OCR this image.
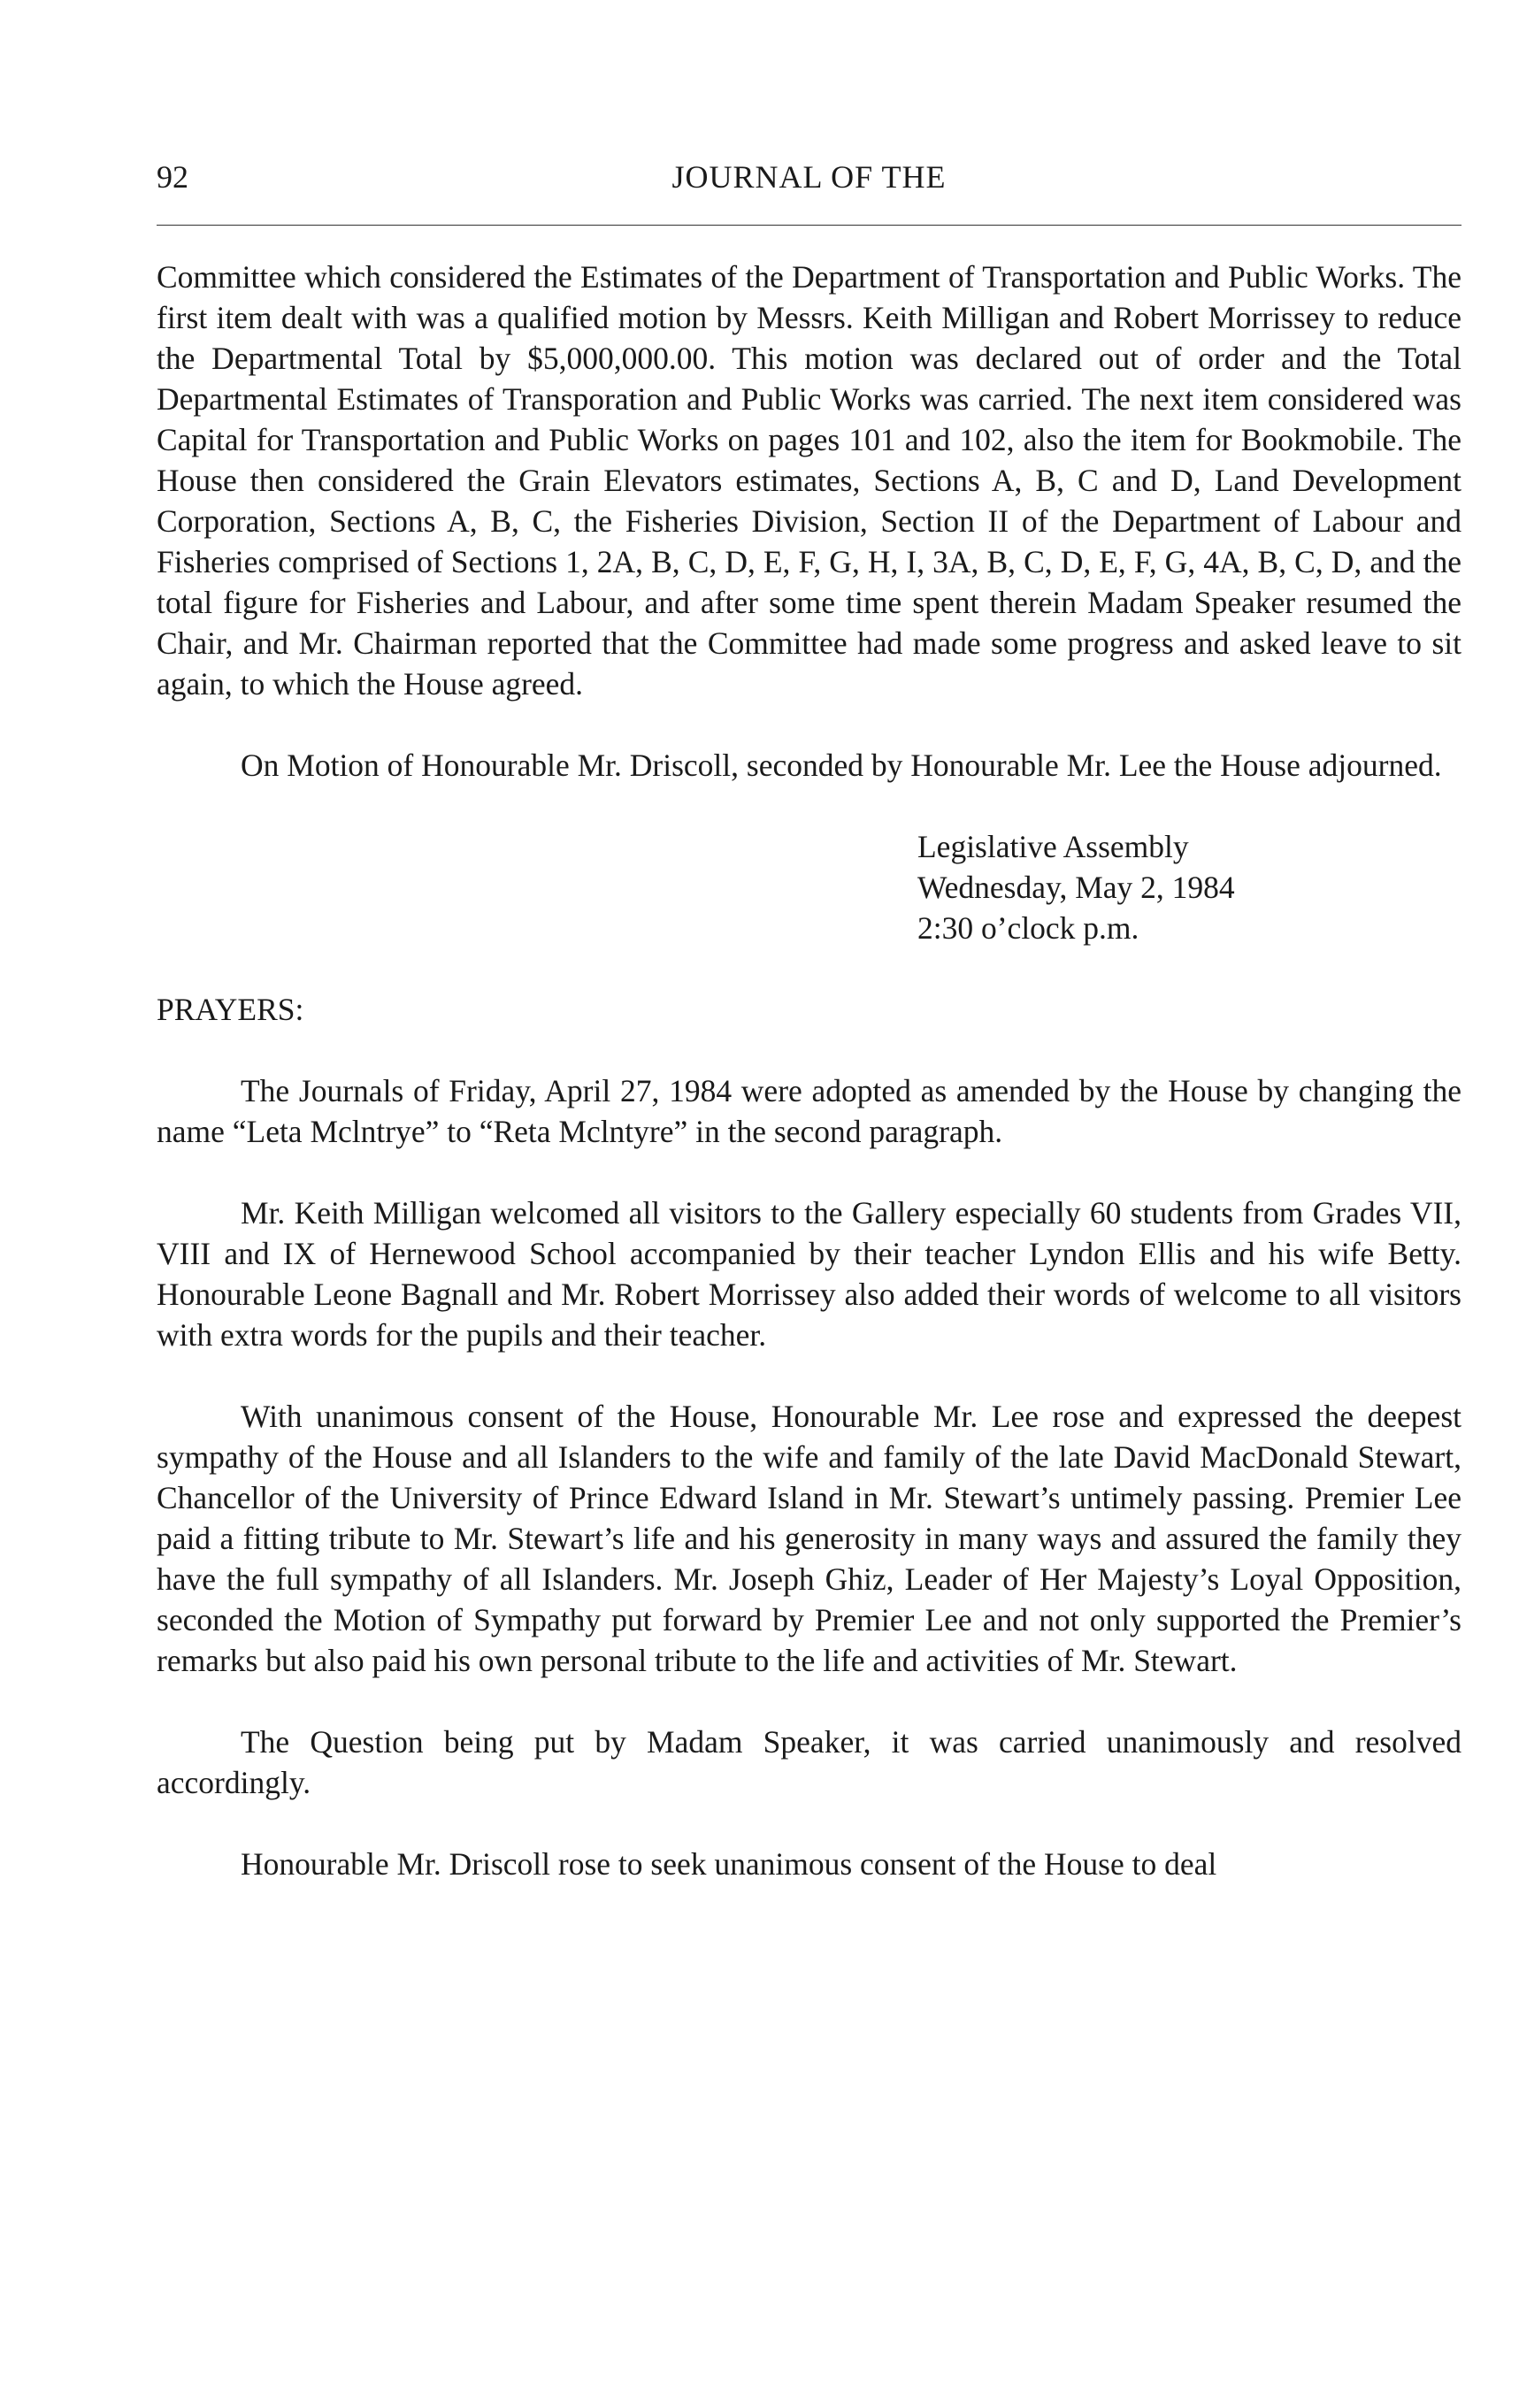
92	JOURNAL OF THE

Committee which considered the Estimates of the Department of Transportation and Public Works. The first item dealt with was a qualified motion by Messrs. Keith Milligan and Robert Morrissey to reduce the Departmental Total by $5,000,000.00. This motion was declared out of order and the Total Departmental Estimates of Transporation and Public Works was carried. The next item considered was Capital for Transportation and Public Works on pages 101 and 102, also the item for Bookmobile. The House then considered the Grain Elevators estimates, Sections A, B, C and D, Land Development Corporation, Sections A, B, C, the Fisheries Division, Section II of the Department of Labour and Fisheries comprised of Sections 1, 2A, B, C, D, E, F, G, H, I, 3A, B, C, D, E, F, G, 4A, B, C, D, and the total figure for Fisheries and Labour, and after some time spent therein Madam Speaker resumed the Chair, and Mr. Chairman reported that the Committee had made some progress and asked leave to sit again, to which the House agreed.

On Motion of Honourable Mr. Driscoll, seconded by Honourable Mr. Lee the House adjourned.

Legislative Assembly
Wednesday, May 2, 1984
2:30 o’clock p.m.

PRAYERS:

The Journals of Friday, April 27, 1984 were adopted as amended by the House by changing the name “Leta Mclntrye” to “Reta Mclntyre” in the second paragraph.

Mr. Keith Milligan welcomed all visitors to the Gallery especially 60 students from Grades VII, VIII and IX of Hernewood School accompanied by their teacher Lyndon Ellis and his wife Betty. Honourable Leone Bagnall and Mr. Robert Morrissey also added their words of welcome to all visitors with extra words for the pupils and their teacher.

With unanimous consent of the House, Honourable Mr. Lee rose and expressed the deepest sympathy of the House and all Islanders to the wife and family of the late David MacDonald Stewart, Chancellor of the University of Prince Edward Island in Mr. Stewart’s untimely passing. Premier Lee paid a fitting tribute to Mr. Stewart’s life and his generosity in many ways and assured the family they have the full sympathy of all Islanders. Mr. Joseph Ghiz, Leader of Her Majesty’s Loyal Opposition, seconded the Motion of Sympathy put forward by Premier Lee and not only supported the Premier’s remarks but also paid his own personal tribute to the life and activities of Mr. Stewart.

The Question being put by Madam Speaker, it was carried unanimously and resolved accordingly.

Honourable Mr. Driscoll rose to seek unanimous consent of the House to deal
